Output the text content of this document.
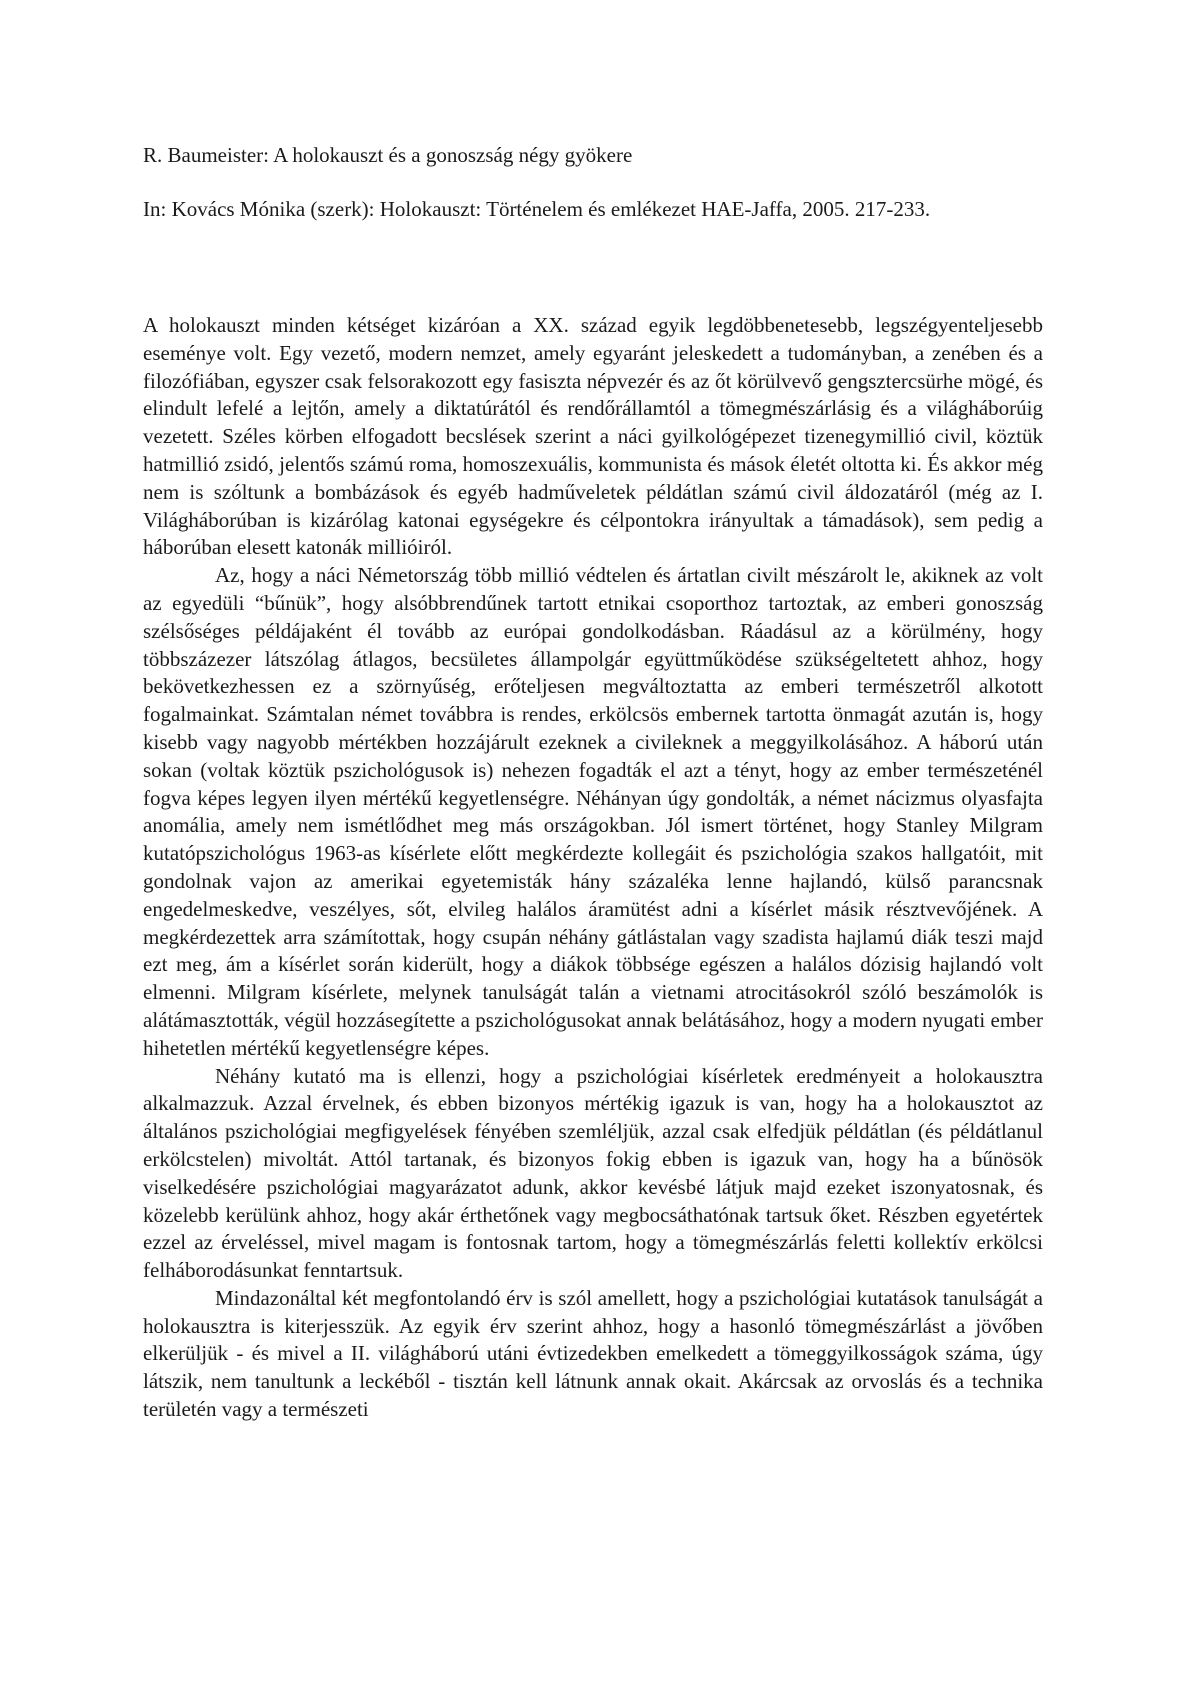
R. Baumeister: A holokauszt és a gonoszság négy gyökere

In: Kovács Mónika (szerk): Holokauszt: Történelem és emlékezet HAE-Jaffa, 2005. 217-233.

A holokauszt minden kétséget kizáróan a XX. század egyik legdöbbenetesebb, legszégyenteljesebb eseménye volt. Egy vezető, modern nemzet, amely egyaránt jeleskedett a tudományban, a zenében és a filozófiában, egyszer csak felsorakozott egy fasiszta népvezér és az őt körülvevő gengsztercsürhe mögé, és elindult lefelé a lejtőn, amely a diktatúrától és rendőrállamtól a tömegmészárlásig és a világháborúig vezetett. Széles körben elfogadott becslések szerint a náci gyilkológépezet tizenegymillió civil, köztük hatmillió zsidó, jelentős számú roma, homoszexuális, kommunista és mások életét oltotta ki. És akkor még nem is szóltunk a bombázások és egyéb hadműveletek példátlan számú civil áldozatáról (még az I. Világháborúban is kizárólag katonai egységekre és célpontokra irányultak a támadások), sem pedig a háborúban elesett katonák millióiról.

Az, hogy a náci Németország több millió védtelen és ártatlan civilt mészárolt le, akiknek az volt az egyedüli “bűnük”, hogy alsóbbrendűnek tartott etnikai csoporthoz tartoztak, az emberi gonoszság szélsőséges példájaként él tovább az európai gondolkodásban. Ráadásul az a körülmény, hogy többszázezer látszólag átlagos, becsületes állampolgár együttműködése szükségeltetett ahhoz, hogy bekövetkezhessen ez a szörnyűség, erőteljesen megváltoztatta az emberi természetről alkotott fogalmainkat. Számtalan német továbbra is rendes, erkölcsös embernek tartotta önmagát azután is, hogy kisebb vagy nagyobb mértékben hozzájárult ezeknek a civileknek a meggyilkolásához. A háború után sokan (voltak köztük pszichológusok is) nehezen fogadták el azt a tényt, hogy az ember természeténél fogva képes legyen ilyen mértékű kegyetlenségre. Néhányan úgy gondolták, a német nácizmus olyasfajta anomália, amely nem ismétlődhet meg más országokban. Jól ismert történet, hogy Stanley Milgram kutatópszichológus 1963-as kísérlete előtt megkérdezte kollegáit és pszichológia szakos hallgatóit, mit gondolnak vajon az amerikai egyetemisták hány százaléka lenne hajlandó, külső parancsnak engedelmeskedve, veszélyes, sőt, elvileg halálos áramütést adni a kísérlet másik résztvevőjének. A megkérdezettek arra számítottak, hogy csupán néhány gátlástalan vagy szadista hajlamú diák teszi majd ezt meg, ám a kísérlet során kiderült, hogy a diákok többsége egészen a halálos dózisig hajlandó volt elmenni. Milgram kísérlete, melynek tanulságát talán a vietnami atrocitásokról szóló beszámolók is alátámasztották, végül hozzásegítette a pszichológusokat annak belátásához, hogy a modern nyugati ember hihetetlen mértékű kegyetlenségre képes.

Néhány kutató ma is ellenzi, hogy a pszichológiai kísérletek eredményeit a holokausztra alkalmazzuk. Azzal érvelnek, és ebben bizonyos mértékig igazuk is van, hogy ha a holokausztot az általános pszichológiai megfigyelések fényében szemléljük, azzal csak elfedjük példátlan (és példátlanul erkölcstelen) mivoltát. Attól tartanak, és bizonyos fokig ebben is igazuk van, hogy ha a bűnösök viselkedésére pszichológiai magyarázatot adunk, akkor kevésbé látjuk majd ezeket iszonyatosnak, és közelebb kerülünk ahhoz, hogy akár érthetőnek vagy megbocsáthatónak tartsuk őket. Részben egyetértek ezzel az érveléssel, mivel magam is fontosnak tartom, hogy a tömegmészárlás feletti kollektív erkölcsi felháborodásunkat fenntartsuk.

Mindazonáltal két megfontolandó érv is szól amellett, hogy a pszichológiai kutatások tanulságát a holokausztra is kiterjesszük. Az egyik érv szerint ahhoz, hogy a hasonló tömegmészárlást a jövőben elkerüljük - és mivel a II. világháború utáni évtizedekben emelkedett a tömeggyilkosságok száma, úgy látszik, nem tanultunk a leckéből - tisztán kell látnunk annak okait. Akárcsak az orvoslás és a technika területén vagy a természeti
